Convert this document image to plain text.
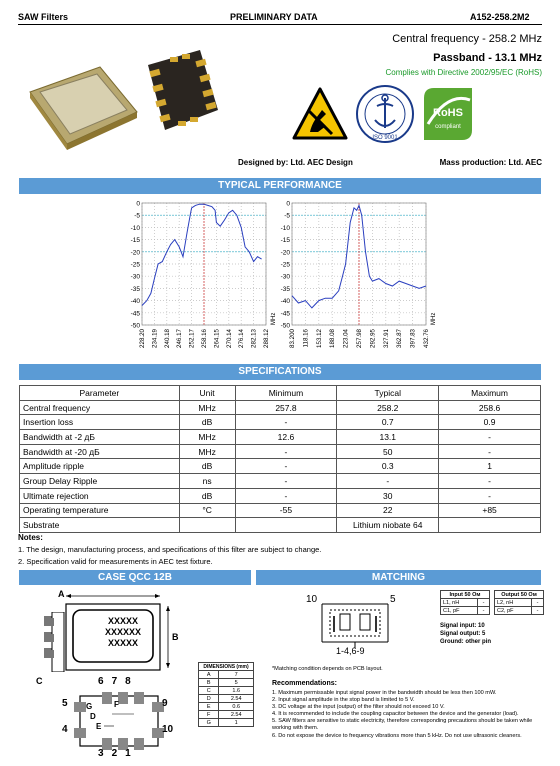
SAW Filters	PRELIMINARY DATA	A152-258.2M2
Central frequency - 258.2 MHz
Passband - 13.1 MHz
Complies with Directive 2002/95/EC (RoHS)
ISO 9001
RoHS
compliant
Designed by: Ltd. AEC Design	Mass production: Ltd. AEC
TYPICAL PERFORMANCE
0
-5
-10
-15
-20
-25
-30
-35
-40
-45
-50
228.20 234.19 240.18 246.17 252.17 258.16 264.15 270.14 276.14 282.13 288.12
MHz
0
-5
-10
-15
-20
-25
-30
-35
-40
-45
-50
83.200 118.16 153.12 188.08 223.04 257.98 292.95 327.91 362.87 397.83 432.76
MHz
SPECIFICATIONS
Parameter	Unit	Minimum	Typical	Maximum
Central frequency	MHz	257.8	258.2	258.6
Insertion loss	dB	-	0.7	0.9
Bandwidth at -2 дБ	MHz	12.6	13.1	-
Bandwidth at -20 дБ	MHz	-	50	-
Amplitude ripple	dB	-	0.3	1
Group Delay Ripple	ns	-	-	-
Ultimate rejection	dB	-	30	-
Operating temperature	°C	-55	22	+85
Substrate			Lithium niobate 64	
Notes:
1. The design, manufacturing process, and specifications of this filter are subject to change.
2. Specification valid for measurements in AEC test fixture.
CASE QCC 12B	MATCHING
A
XXXXX
XXXXXX
XXXXX
B
C	678
321
5
4
9
10
G	F
D
E
DIMENSIONS (mm)	
A	7
B	5
C	1.6
D	2.54
E	0.6
F	2.54
G	1
10	5
1-4,6-9
Input 50 Ом	
L1, nH	-
C1, pF	-
Output 50 Ом	
L2, nH	-
C2, pF	-
Signal input: 10
Signal output: 5
Ground: other pin
*Matching condition depends on PCB layout.
Recommendations:
1. Maximum permissable input signal power in the bandwidth should be less then 100 mW.
2. Input signal amplitude in the stop band is limited to 5 V.
3. DC voltage at the input (output) of the filter should not exceed 10 V.
4. It is recommended to include the coupling capacitor between the device and the generator (load).
5. SAW filters are sensitive to static electricity, therefore corresponding precautions should be taken while working with them.
6. Do not expose the device to frequency vibrations more than 5 kHz. Do not use ultrasonic cleaners.
